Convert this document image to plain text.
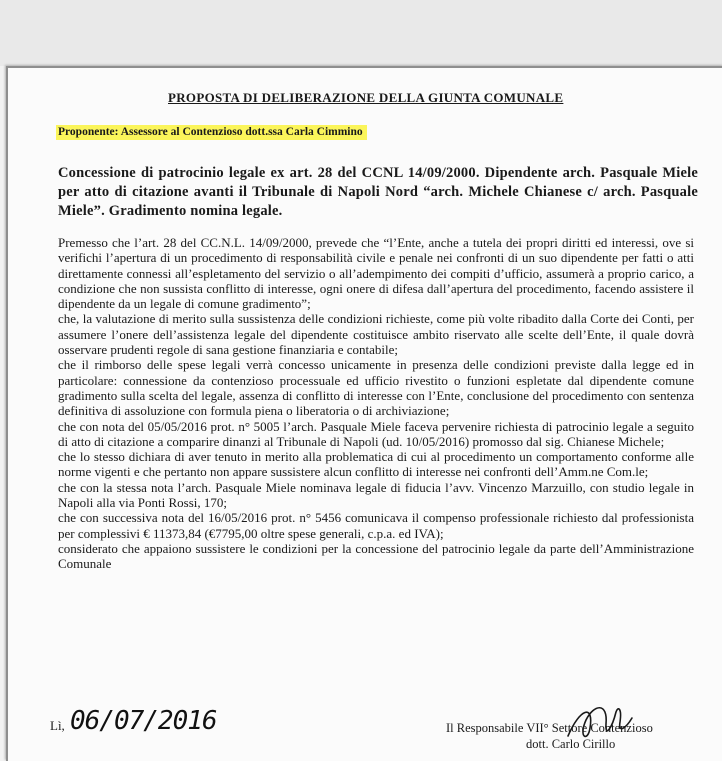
PROPOSTA DI DELIBERAZIONE DELLA GIUNTA COMUNALE
Proponente: Assessore al Contenzioso dott.ssa Carla Cimmino
Concessione di patrocinio legale ex art. 28 del CCNL 14/09/2000. Dipendente arch. Pasquale Miele per atto di citazione avanti il Tribunale di Napoli Nord “arch. Michele Chianese c/ arch. Pasquale Miele”. Gradimento nomina legale.

Premesso che l’art. 28 del CC.N.L. 14/09/2000, prevede che “l’Ente, anche a tutela dei propri diritti ed interessi, ove si verifichi l’apertura di un procedimento di responsabilità civile e penale nei confronti di un suo dipendente per fatti o atti direttamente connessi all’espletamento del servizio o all’adempimento dei compiti d’ufficio, assumerà a proprio carico, a condizione che non sussista conflitto di interesse, ogni onere di difesa dall’apertura del procedimento, facendo assistere il dipendente da un legale di comune gradimento”;

che, la valutazione di merito sulla sussistenza delle condizioni richieste, come più volte ribadito dalla Corte dei Conti, per assumere l’onere dell’assistenza legale del dipendente costituisce ambito riservato alle scelte dell’Ente, il quale dovrà osservare prudenti regole di sana gestione finanziaria e contabile;

che il rimborso delle spese legali verrà concesso unicamente in presenza delle condizioni previste dalla legge ed in particolare: connessione da contenzioso processuale ed ufficio rivestito o funzioni espletate dal dipendente comune gradimento sulla scelta del legale, assenza di conflitto di interesse con l’Ente, conclusione del procedimento con sentenza definitiva di assoluzione con formula piena o liberatoria o di archiviazione;

che con nota del 05/05/2016 prot. n° 5005 l’arch. Pasquale Miele faceva pervenire richiesta di patrocinio legale a seguito di atto di citazione a comparire dinanzi al Tribunale di Napoli (ud. 10/05/2016) promosso dal sig. Chianese Michele;

che lo stesso dichiara di aver tenuto in merito alla problematica di cui al procedimento un comportamento conforme alle norme vigenti e che pertanto non appare sussistere alcun conflitto di interesse nei confronti dell’Amm.ne Com.le;

che con la stessa nota l’arch. Pasquale Miele nominava legale di fiducia l’avv. Vincenzo Marzuillo, con studio legale in Napoli alla via Ponti Rossi, 170;

che con successiva nota del 16/05/2016 prot. n° 5456 comunicava il compenso professionale richiesto dal professionista per complessivi € 11373,84 (€7795,00 oltre spese generali, c.p.a. ed IVA);

considerato che appaiono sussistere le condizioni per la concessione del patrocinio legale da parte dell’Amministrazione Comunale

Lì, 06/07/2016	Il Responsabile VII° Settore Contenzioso
dott. Carlo Cirillo
